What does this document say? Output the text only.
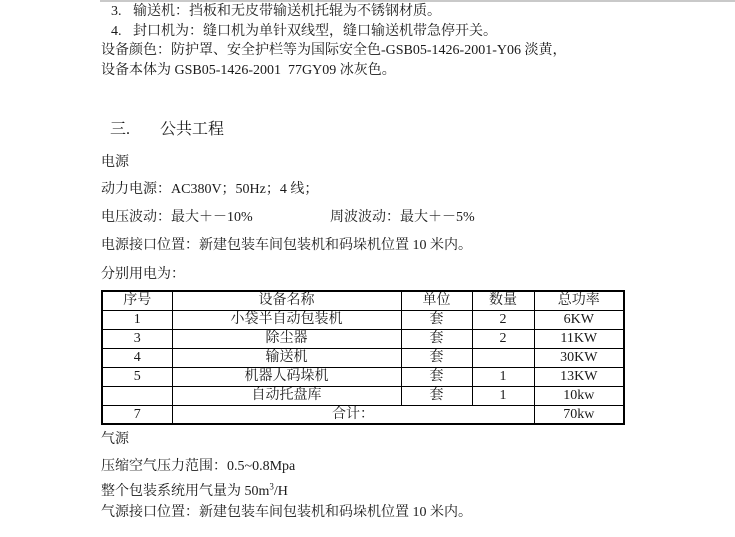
3. 输送机：挡板和无皮带输送机托辊为不锈钢材质。
4. 封口机为：缝口机为单针双线型，缝口输送机带急停开关。
设备颜色：防护罩、安全护栏等为国际安全色-GSB05-1426-2001-Y06 淡黄，
设备本体为 GSB05-1426-2001  77GY09 冰灰色。
三. 公共工程
电源
动力电源：AC380V；50Hz；4 线；
电压波动：最大＋－10%	周波波动：最大＋－5%
电源接口位置：新建包装车间包装机和码垛机位置 10 米内。
分别用电为：
序号	设备名称	单位	数量	总功率
1	小袋半自动包装机	套	2	6KW
3	除尘器	套	2	11KW
4	输送机	套		30KW
5	机器人码垛机	套	1	13KW
	自动托盘库	套	1	10kw
7	合计：			70kw
气源
压缩空气压力范围：0.5~0.8Mpa
整个包装系统用气量为 $50m^3/H$
气源接口位置：新建包装车间包装机和码垛机位置 10 米内。
